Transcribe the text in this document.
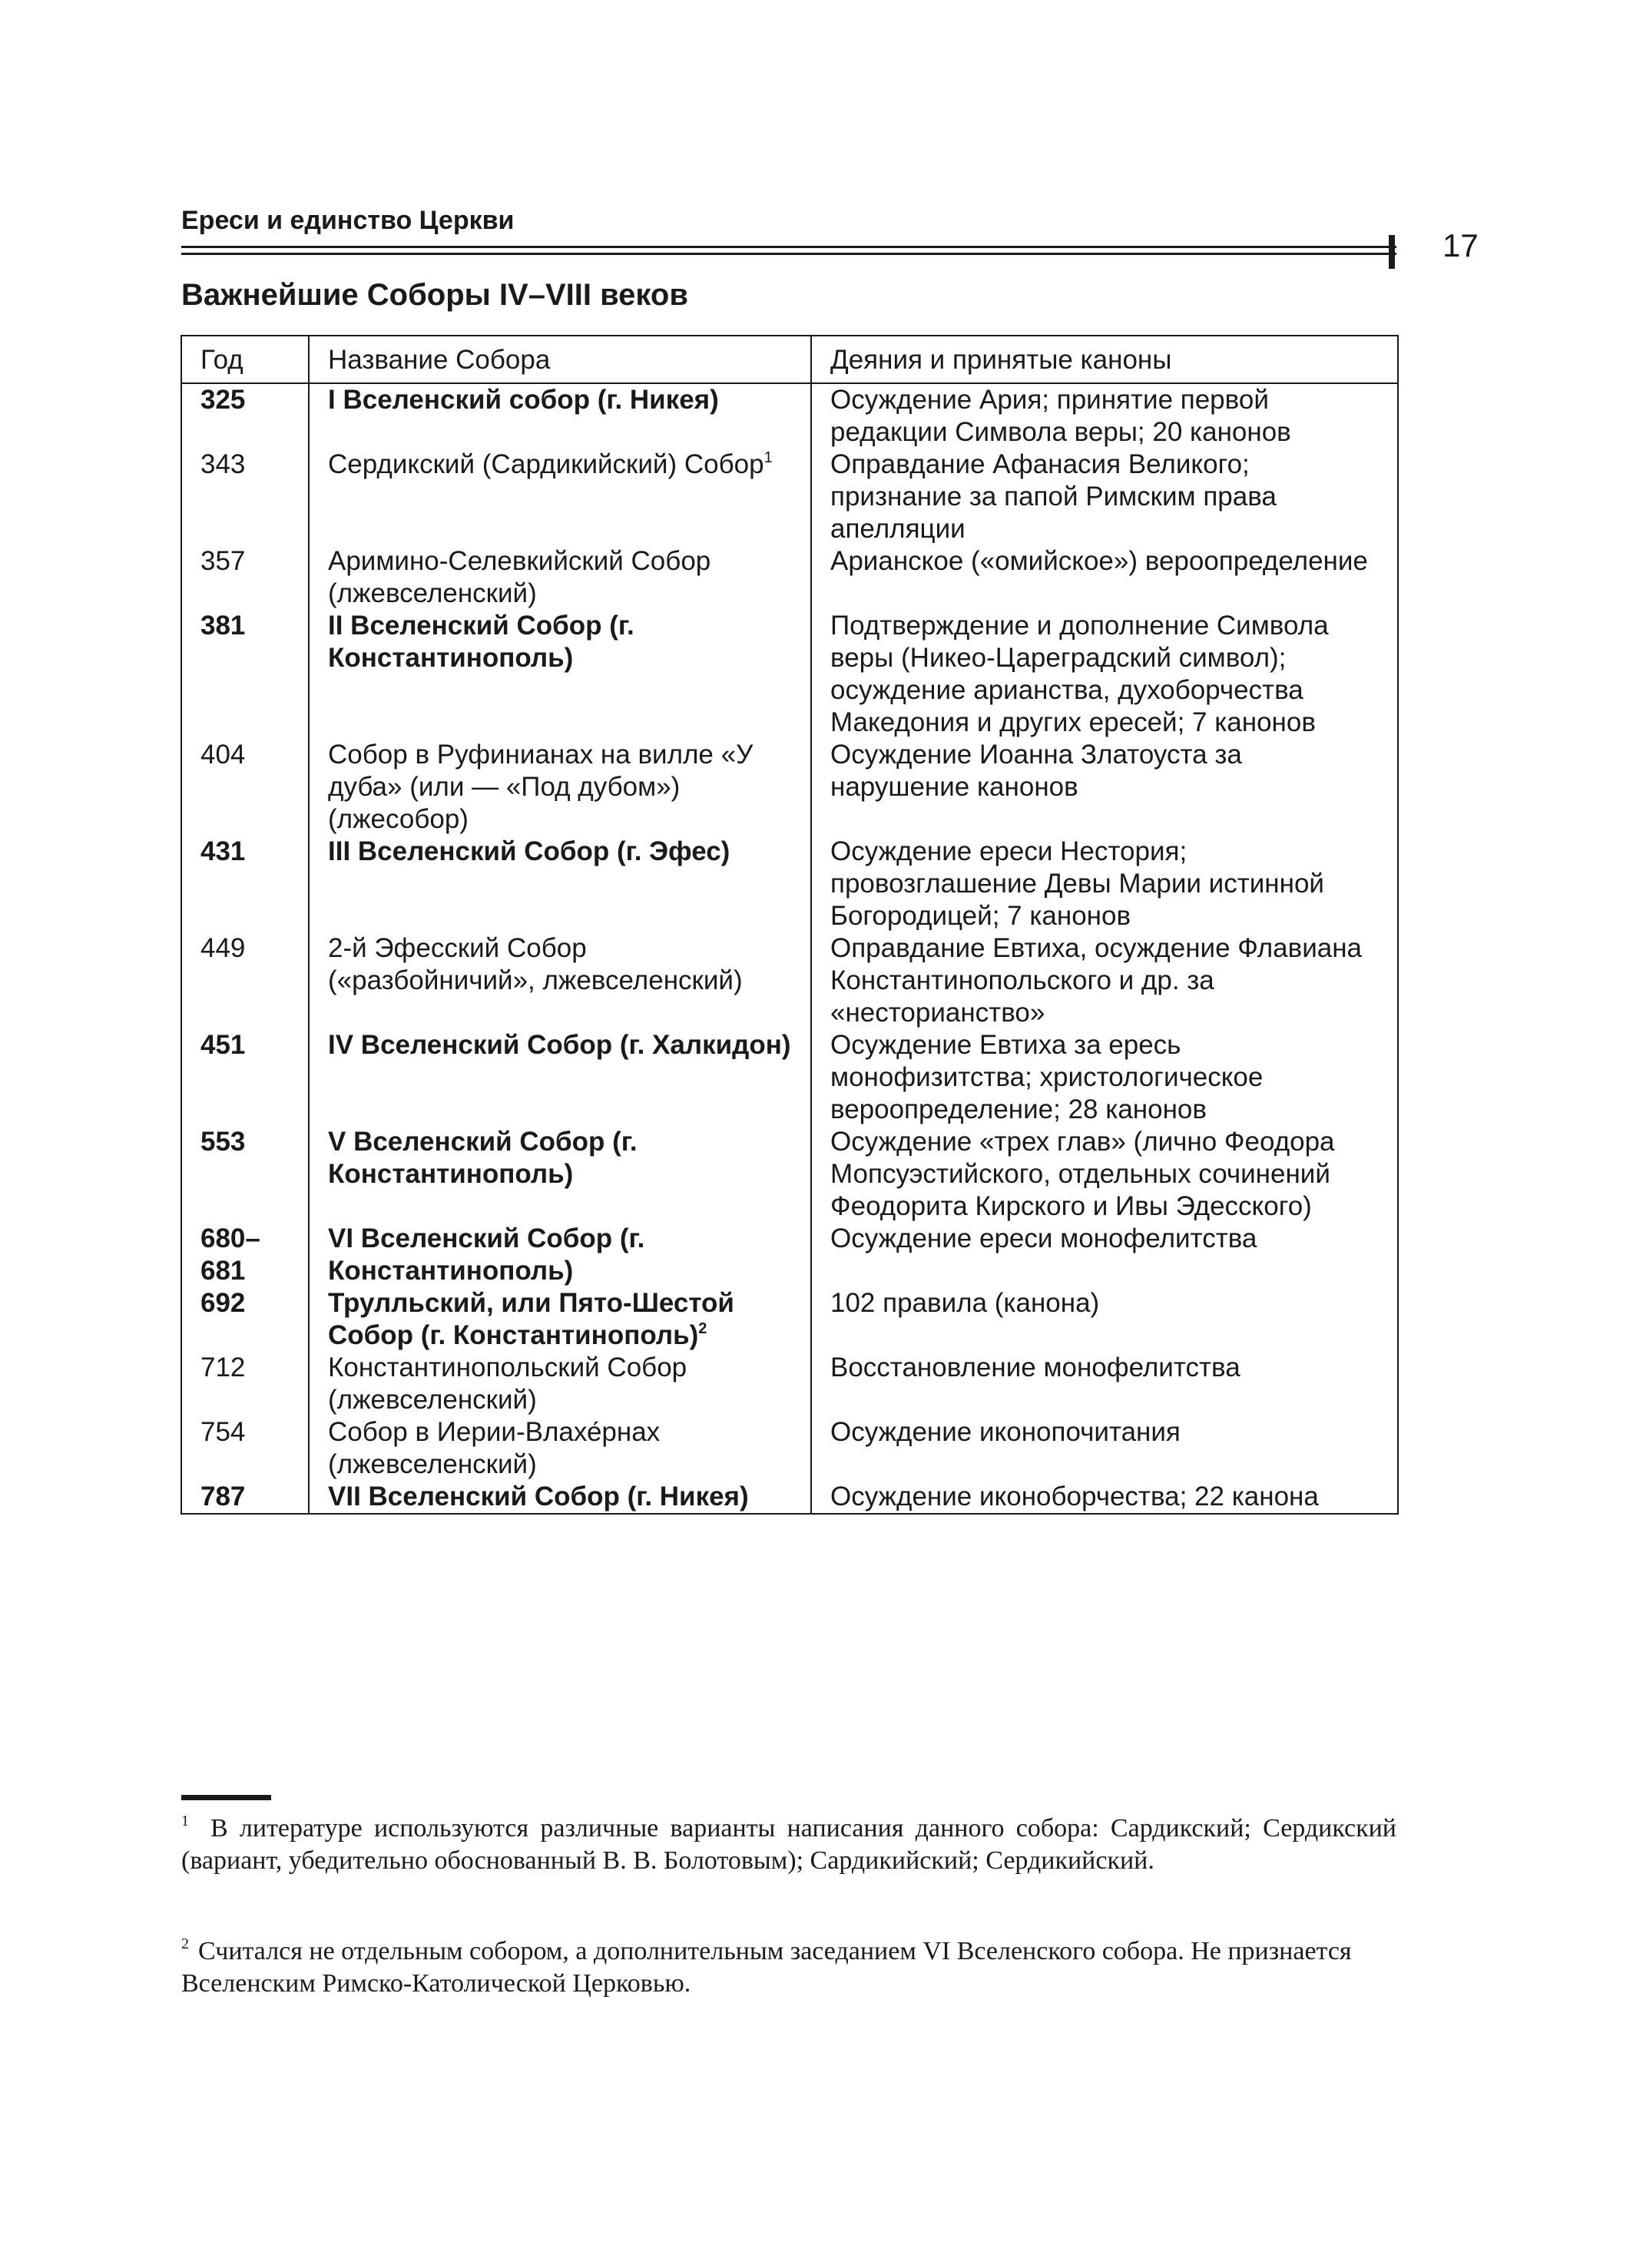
Ереси и единство Церкви
17
Важнейшие Соборы IV–VIII веков
Год	Название Собора	Деяния и принятые каноны
325	I Вселенский собор (г. Никея)	Осуждение Ария; принятие первой редакции Символа веры; 20 канонов
343	Сердикский (Сардикийский) Собор$^1$	Оправдание Афанасия Великого; признание за папой Римским права апелляции
357	Аримино-Селевкийский Собор (лжевселенский)	Арианское («омийское») вероопределение
381	II Вселенский Собор (г. Константинополь)	Подтверждение и дополнение Символа веры (Никео-Цареградский символ); осуждение арианства, духоборчества Македония и других ересей; 7 канонов
404	Собор в Руфинианах на вилле «У дуба» (или — «Под дубом») (лжесобор)	Осуждение Иоанна Златоуста за нарушение канонов
431	III Вселенский Собор (г. Эфес)	Осуждение ереси Нестория; провозглашение Девы Марии истинной Богородицей; 7 канонов
449	2-й Эфесский Собор («разбойничий», лжевселенский)	Оправдание Евтиха, осуждение Флавиана Константинопольского и др. за «несторианство»
451	IV Вселенский Собор (г. Халкидон)	Осуждение Евтиха за ересь монофизитства; христологическое вероопределение; 28 канонов
553	V Вселенский Собор (г. Константинополь)	Осуждение «трех глав» (лично Феодора Мопсуэстийского, отдельных сочинений Феодорита Кирского и Ивы Эдесского)
680–681	VI Вселенский Собор (г. Константинополь)	Осуждение ереси монофелитства
692	Трулльский, или Пято-Шестой Собор (г. Константинополь)$^2$	102 правила (канона)
712	Константинопольский Собор (лжевселенский)	Восстановление монофелитства
754	Собор в Иерии-Влахе́рнах (лжевселенский)	Осуждение иконопочитания
787	VII Вселенский Собор (г. Никея)	Осуждение иконоборчества; 22 канона
$^1$ В литературе используются различные варианты написания данного собора: Сардикский; Сердикский (вариант, убедительно обоснованный В. В. Болотовым); Сардикийский; Сердикийский.
$^2$ Считался не отдельным собором, а дополнительным заседанием VI Вселенского собора. Не признается Вселенским Римско-Католической Церковью.
